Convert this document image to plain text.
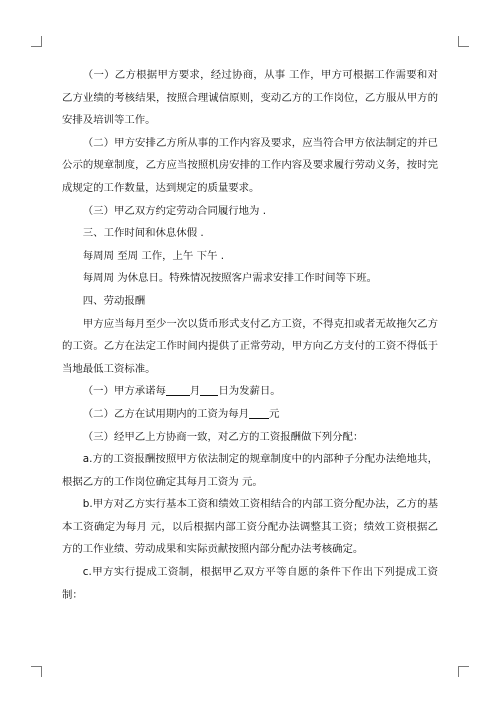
（一）乙方根据甲方要求，经过协商，从事 工作，甲方可根据工作需要和对乙方业绩的考核结果，按照合理诚信原则，变动乙方的工作岗位，乙方服从甲方的安排及培训等工作。

（二）甲方安排乙方所从事的工作内容及要求，应当符合甲方依法制定的并已公示的规章制度，乙方应当按照机房安排的工作内容及要求履行劳动义务，按时完成规定的工作数量，达到规定的质量要求。

（三）甲乙双方约定劳动合同履行地为 .

三、工作时间和休息休假 .

每周周 至周 工作，上午 下午 .

每周周 为休息日。特殊情况按照客户需求安排工作时间等下班。

四、劳动报酬

甲方应当每月至少一次以货币形式支付乙方工资，不得克扣或者无故拖欠乙方的工资。乙方在法定工作时间内提供了正常劳动，甲方向乙方支付的工资不得低于当地最低工资标准。

（一）甲方承诺每 月 日为发薪日。

（二）乙方在试用期内的工资为每月 元

（三）经甲乙上方协商一致，对乙方的工资报酬做下列分配：

a.方的工资报酬按照甲方依法制定的规章制度中的内部种子分配办法绝地共，根据乙方的工作岗位确定其每月工资为 元。

b.甲方对乙方实行基本工资和绩效工资相结合的内部工资分配办法，乙方的基本工资确定为每月 元，以后根据内部工资分配办法调整其工资；绩效工资根据乙方的工作业绩、劳动成果和实际贡献按照内部分配办法考核确定。

c.甲方实行提成工资制，根据甲乙双方平等自愿的条件下作出下列提成工资制：
